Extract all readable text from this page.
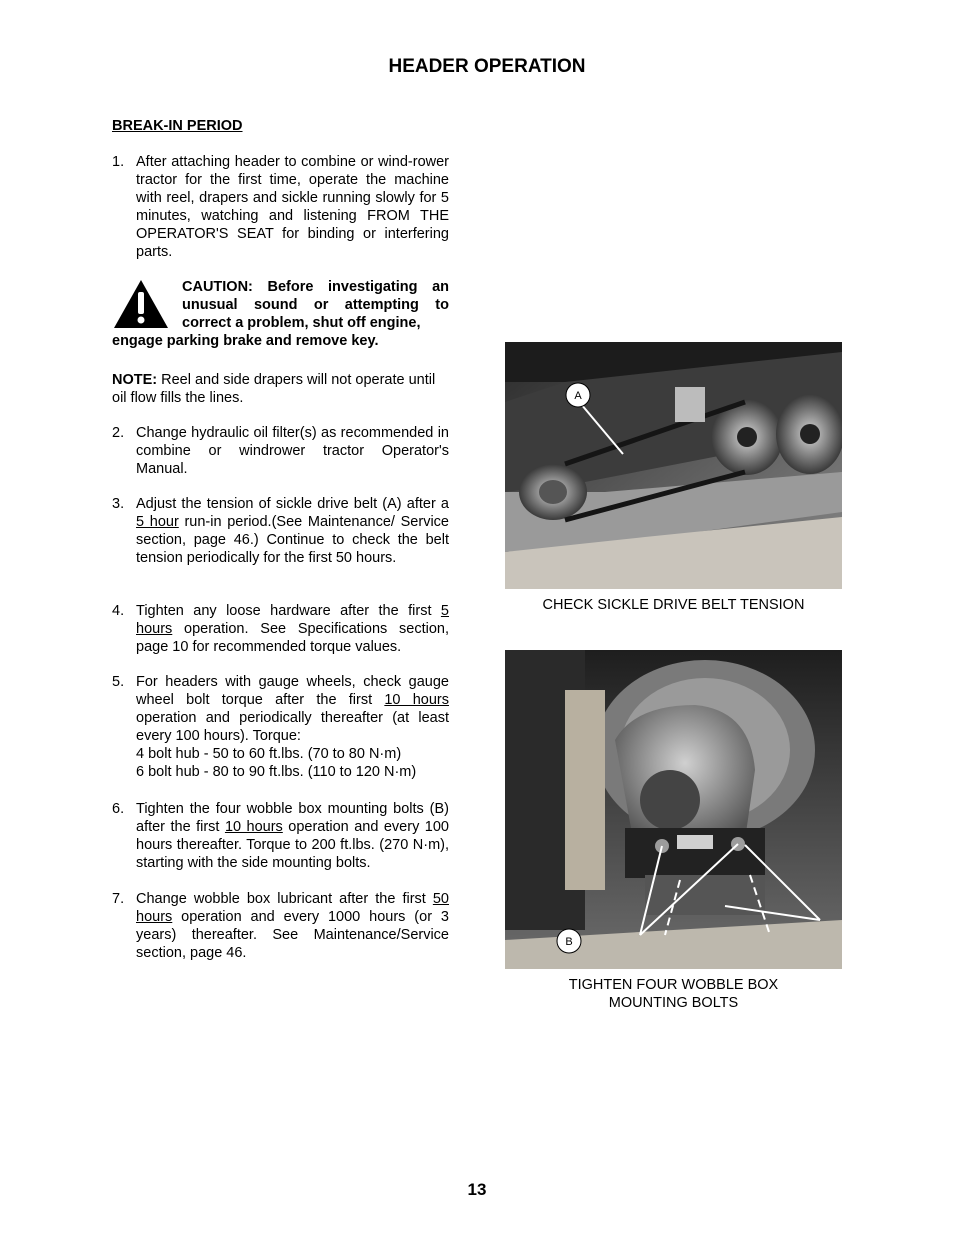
HEADER OPERATION
BREAK-IN PERIOD
1. After attaching header to combine or wind-rower tractor for the first time, operate the machine with reel, drapers and sickle running slowly for 5 minutes, watching and listening FROM THE OPERATOR'S SEAT for binding or interfering parts.
CAUTION: Before investigating an unusual sound or attempting to correct a problem, shut off engine,
engage parking brake and remove key.
NOTE: Reel and side drapers will not operate until oil flow fills the lines.
2. Change hydraulic oil filter(s) as recommended in combine or windrower tractor Operator's Manual.
3. Adjust the tension of sickle drive belt (A) after a 5 hour run-in period.(See Maintenance/ Service section, page 46.) Continue to check the belt tension periodically for the first 50 hours.
4. Tighten any loose hardware after the first 5 hours operation. See Specifications section, page 10 for recommended torque values.
5. For headers with gauge wheels, check gauge wheel bolt torque after the first 10 hours operation and periodically thereafter (at least every 100 hours). Torque:
4 bolt hub - 50 to 60 ft.lbs. (70 to 80 N·m)
6 bolt hub - 80 to 90 ft.lbs. (110 to 120 N·m)
6. Tighten the four wobble box mounting bolts (B) after the first 10 hours operation and every 100 hours thereafter. Torque to 200 ft.lbs. (270 N·m), starting with the side mounting bolts.
7. Change wobble box lubricant after the first 50 hours operation and every 1000 hours (or 3 years) thereafter. See Maintenance/Service section, page 46.
A
CHECK SICKLE DRIVE BELT TENSION
B
TIGHTEN FOUR WOBBLE BOX
MOUNTING BOLTS
13
